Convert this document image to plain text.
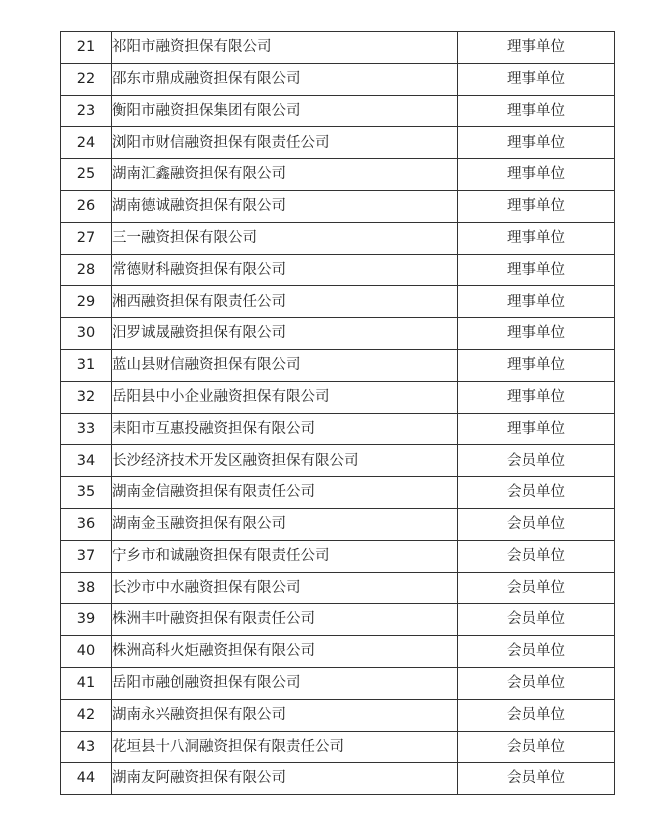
21	祁阳市融资担保有限公司	理事单位
22	邵东市鼎成融资担保有限公司	理事单位
23	衡阳市融资担保集团有限公司	理事单位
24	浏阳市财信融资担保有限责任公司	理事单位
25	湖南汇鑫融资担保有限公司	理事单位
26	湖南德诚融资担保有限公司	理事单位
27	三一融资担保有限公司	理事单位
28	常德财科融资担保有限公司	理事单位
29	湘西融资担保有限责任公司	理事单位
30	汨罗诚晟融资担保有限公司	理事单位
31	蓝山县财信融资担保有限公司	理事单位
32	岳阳县中小企业融资担保有限公司	理事单位
33	耒阳市互惠投融资担保有限公司	理事单位
34	长沙经济技术开发区融资担保有限公司	会员单位
35	湖南金信融资担保有限责任公司	会员单位
36	湖南金玉融资担保有限公司	会员单位
37	宁乡市和诚融资担保有限责任公司	会员单位
38	长沙市中水融资担保有限公司	会员单位
39	株洲丰叶融资担保有限责任公司	会员单位
40	株洲高科火炬融资担保有限公司	会员单位
41	岳阳市融创融资担保有限公司	会员单位
42	湖南永兴融资担保有限公司	会员单位
43	花垣县十八洞融资担保有限责任公司	会员单位
44	湖南友阿融资担保有限公司	会员单位
